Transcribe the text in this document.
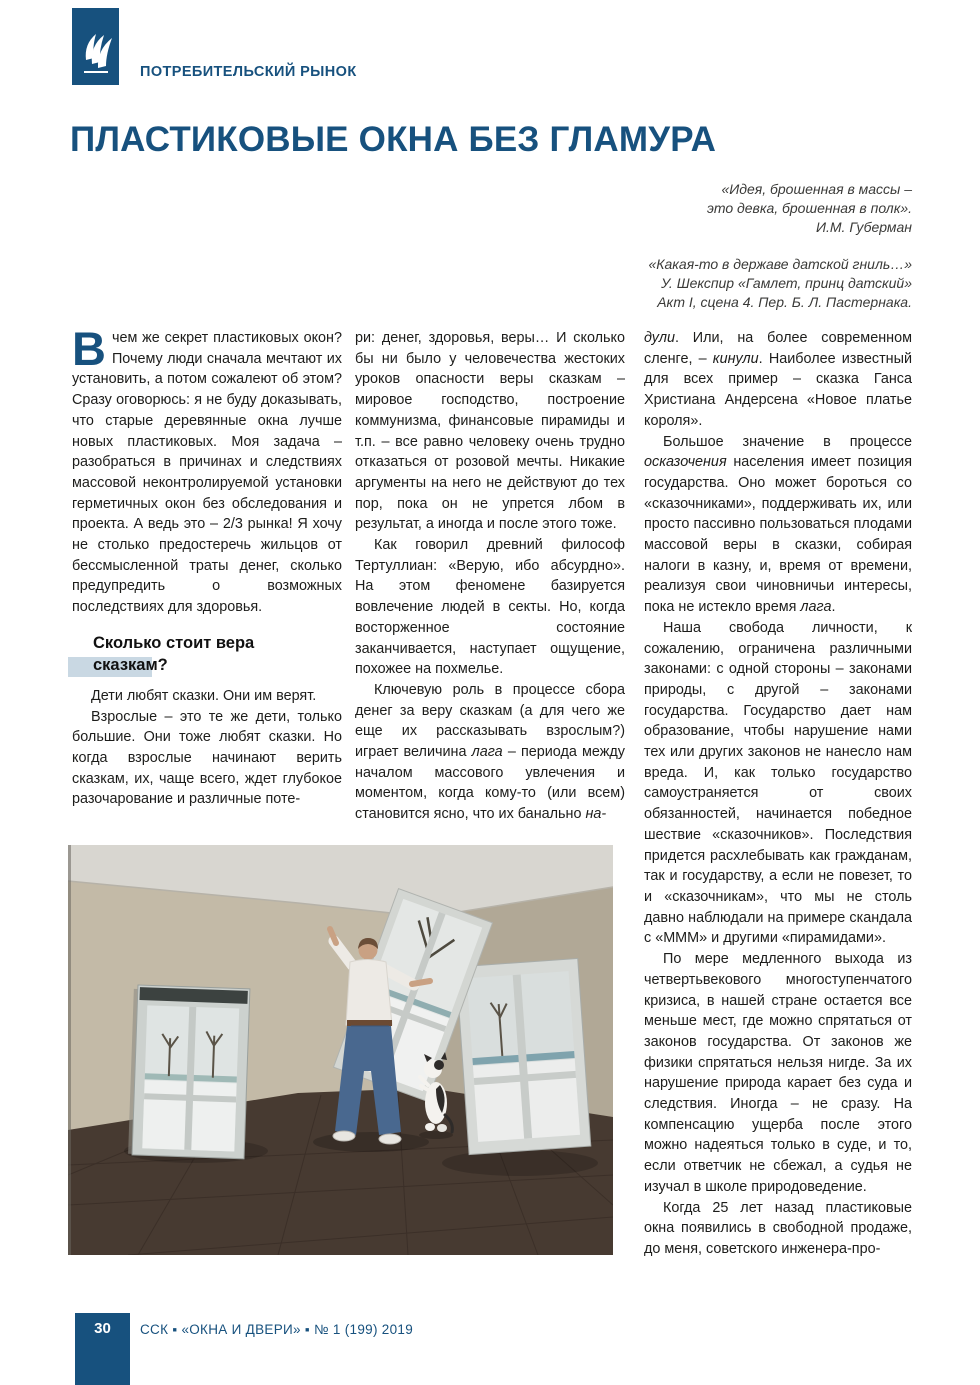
ПОТРЕБИТЕЛЬСКИЙ РЫНОК
ПЛАСТИКОВЫЕ ОКНА БЕЗ ГЛАМУРА
«Идея, брошенная в массы –
это девка, брошенная в полк».
И.М. Губерман
«Какая-то в державе датской гниль…»
У. Шекспир «Гамлет, принц датский»
Акт I, сцена 4. Пер. Б. Л. Пастернака.

Вчем же секрет пластиковых окон? Почему люди сначала мечтают их установить, а потом сожалеют об этом? Сразу оговорюсь: я не буду доказывать, что старые деревянные окна лучше новых пластиковых. Моя задача – разобраться в причинах и следствиях массовой неконтролируемой установки герметичных окон без обследования и проекта. А ведь это – 2/3 рынка! Я хочу не столько предостеречь жильцов от бессмысленной траты денег, сколько предупредить о возможных последствиях для здоровья.

Сколько стоит вера
сказкам?

Дети любят сказки. Они им верят.

Взрослые – это те же дети, только большие. Они тоже любят сказки. Но когда взрослые начинают верить сказкам, их, чаще всего, ждет глубокое разочарование и различные поте-

ри: денег, здоровья, веры… И сколько бы ни было у человечества жестоких уроков опасности веры сказкам – мировое господство, построение коммунизма, финансовые пирамиды и т.п. – все равно человеку очень трудно отказаться от розовой мечты. Никакие аргументы на него не действуют до тех пор, пока он не упрется лбом в результат, а иногда и после этого тоже.

Как говорил древний философ Тертуллиан: «Верую, ибо абсурдно». На этом феномене базируется вовлечение людей в секты. Но, когда восторженное состояние заканчивается, наступает ощущение, похожее на похмелье.

Ключевую роль в процессе сбора денег за веру сказкам (а для чего же еще их рассказывать взрослым?) играет величина лага – периода между началом массового увлечения и моментом, когда кому-то (или всем) становится ясно, что их банально на-

дули. Или, на более современном сленге, – кинули. Наиболее известный для всех пример – сказка Ганса Христиана Андерсена «Новое платье короля».

Большое значение в процессе осказочения населения имеет позиция государства. Оно может бороться со «сказочниками», поддерживать их, или просто пассивно пользоваться плодами массовой веры в сказки, собирая налоги в казну, и, время от времени, реализуя свои чиновничьи интересы, пока не истекло время лага.

Наша свобода личности, к сожалению, ограничена различными законами: с одной стороны – законами природы, с другой – законами государства. Государство дает нам образование, чтобы нарушение нами тех или других законов не нанесло нам вреда. И, как только государство самоустраняется от своих обязанностей, начинается победное шествие «сказочников». Последствия придется расхлебывать как гражданам, так и государству, а если не повезет, то и «сказочникам», что мы не столь давно наблюдали на примере скандала с «МММ» и другими «пирамидами».

По мере медленного выхода из четвертьвекового многоступенчатого кризиса, в нашей стране остается все меньше мест, где можно спрятаться от законов государства. От законов же физики спрятаться нельзя нигде. За их нарушение природа карает без суда и следствия. Иногда – не сразу. На компенсацию ущерба после этого можно надеяться только в суде, и то, если ответчик не сбежал, а судья не изучал в школе природоведение.

Когда 25 лет назад пластиковые окна появились в свободной продаже, до меня, советского инженера-про-

30	ССК ▪ «ОКНА И ДВЕРИ» ▪ № 1 (199) 2019
